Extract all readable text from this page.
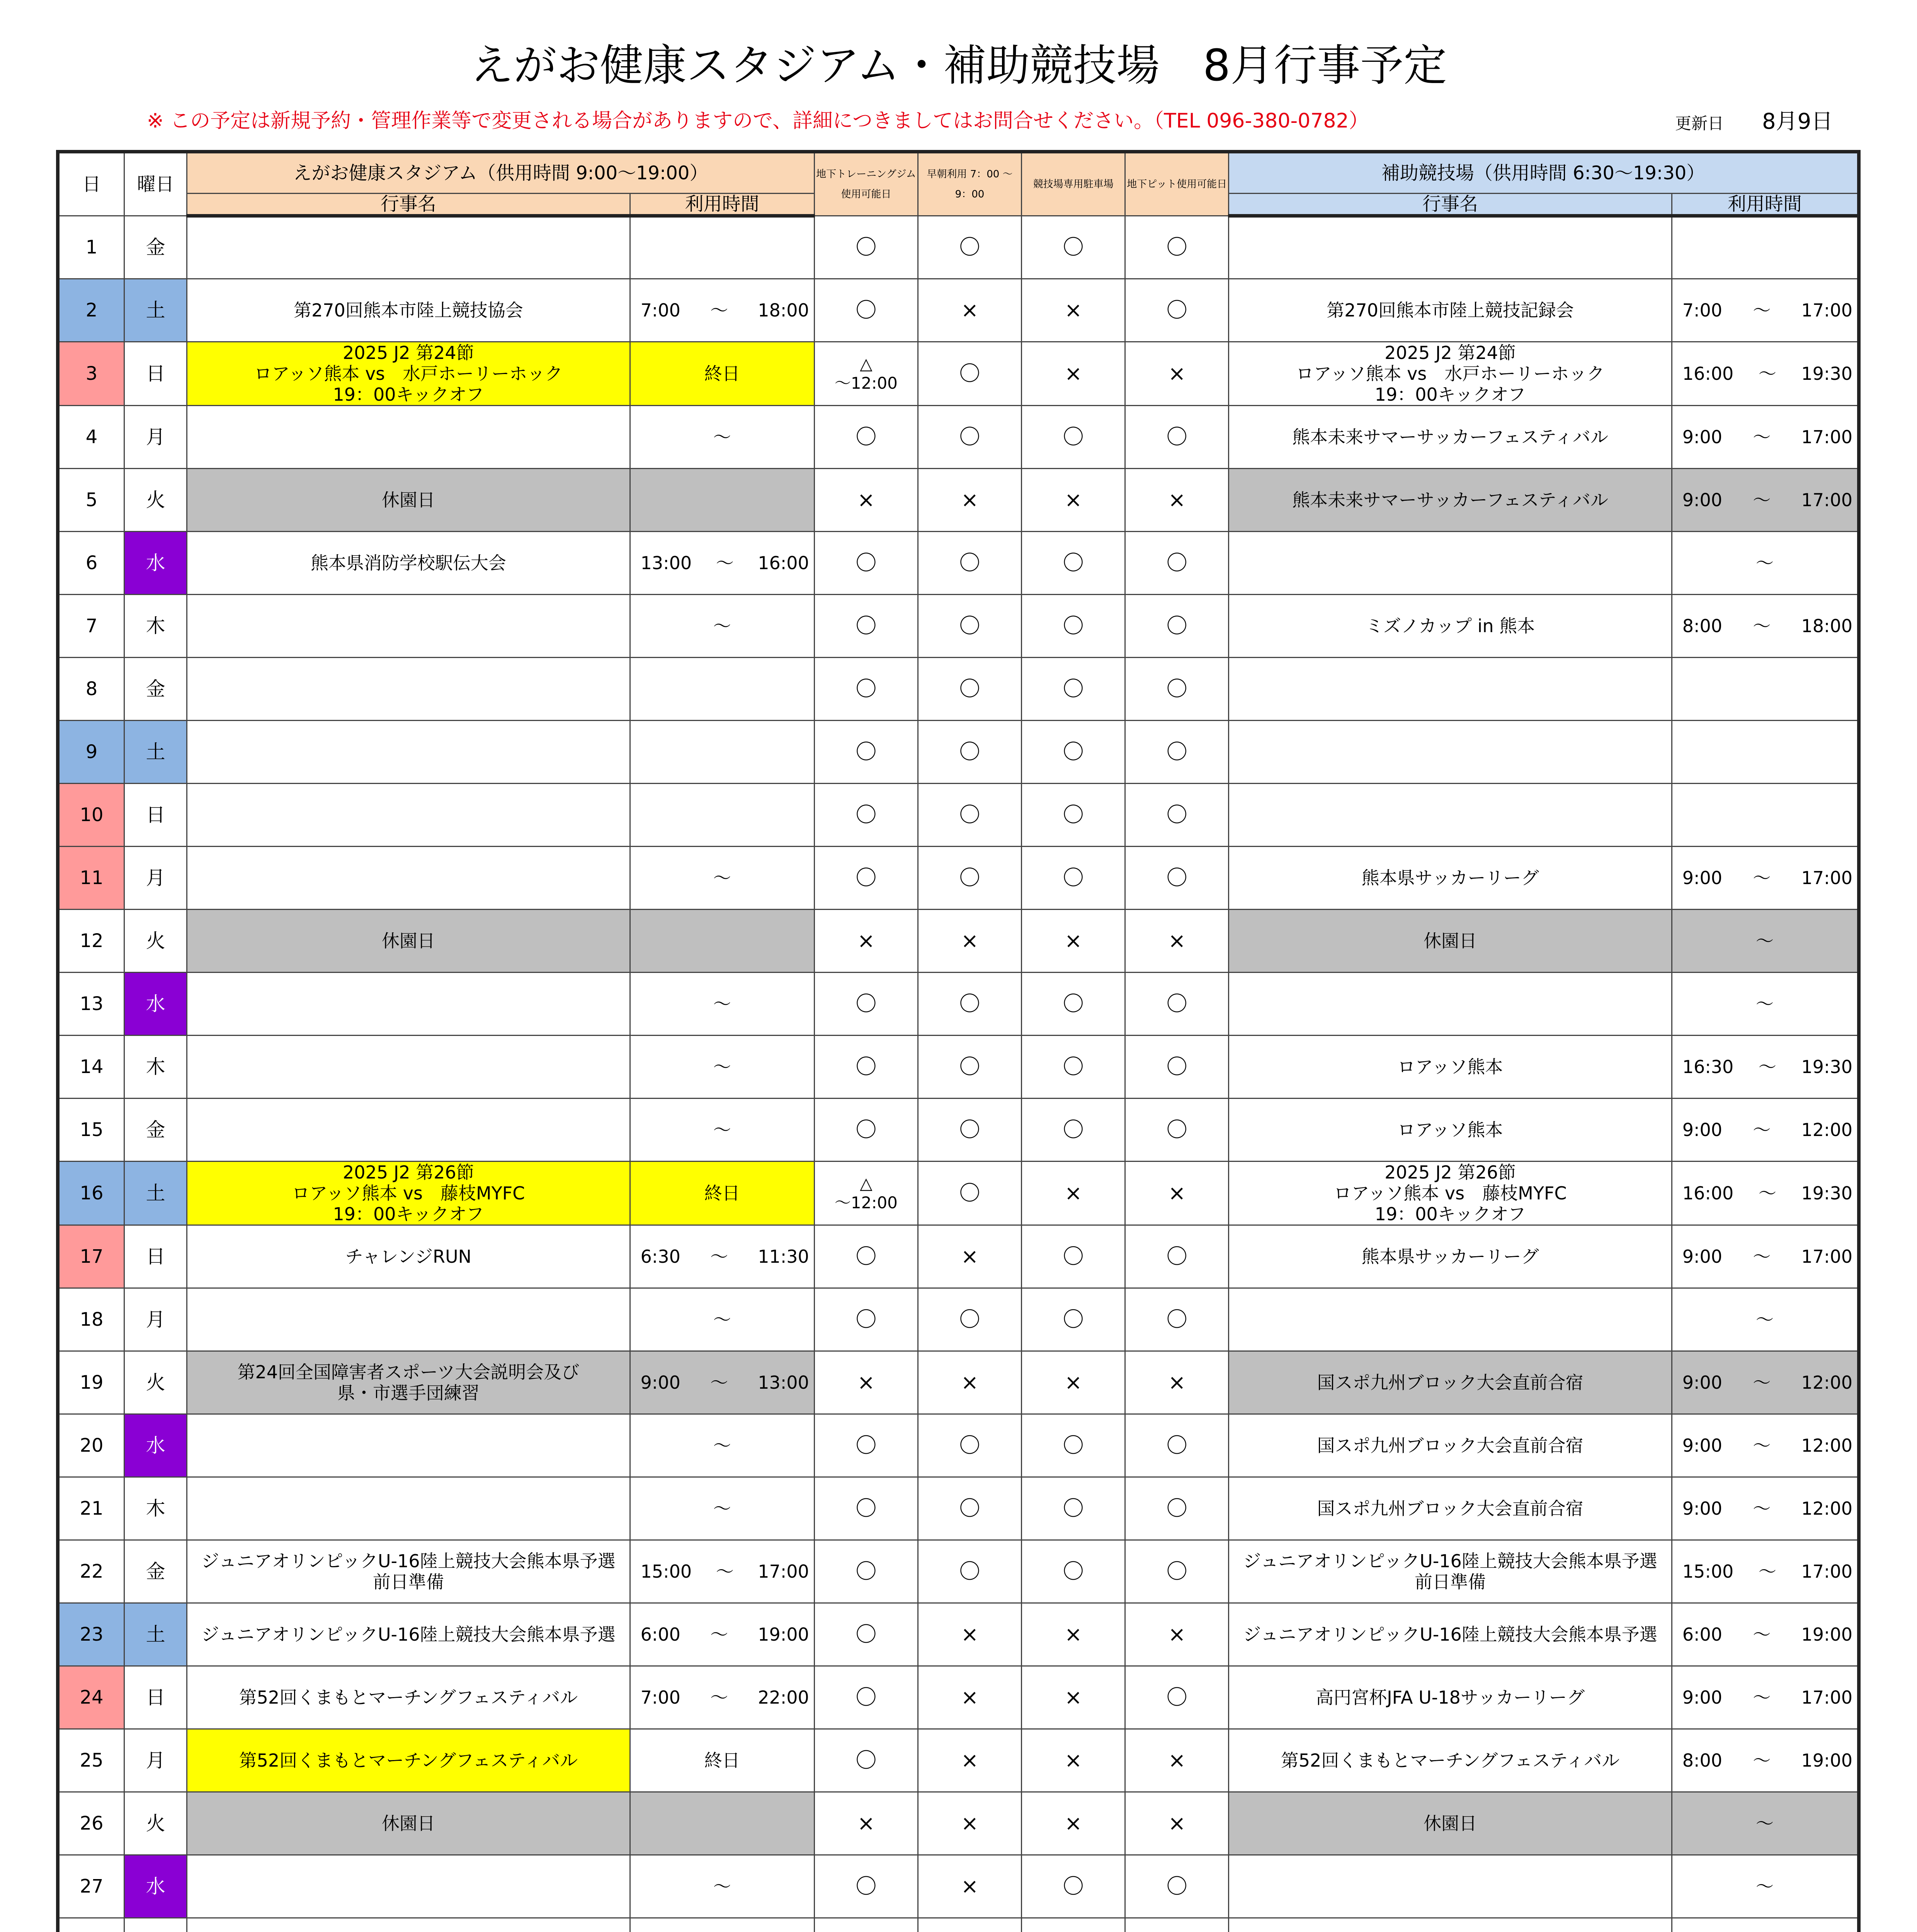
えがお健康スタジアム・補助競技場　8月行事予定
※ この予定は新規予約・管理作業等で変更される場合がありますので、詳細につきましてはお問合せください。（TEL 096-380-0782）	更新日 8月9日
日	曜日	えがお健康スタジアム（供用時間 9:00～19:00）		地下トレーニングジム使用可能日	早朝利用 7：00 ～ 9：00	競技場専用駐車場	地下ピット使用可能日	補助競技場（供用時間 6:30～19:30）	
		行事名	利用時間					行事名	利用時間
1	金			〇	〇	〇	〇		
2	土	第270回熊本市陸上競技協会	7:00 ～ 18:00	〇	×	×	〇	第270回熊本市陸上競技記録会	7:00 ～ 17:00

3	日	2025 J2 第24節
ロアッソ熊本 vs　水戸ホーリーホック
19：00キックオフ	終日	△
～12:00	〇	×	×	2025 J2 第24節
ロアッソ熊本 vs　水戸ホーリーホック
19：00キックオフ	16:00 ～ 19:30

4	月		～	〇	〇	〇	〇	熊本未来サマーサッカーフェスティバル	9:00 ～ 17:00

5	火	休園日		×	×	×	×	熊本未来サマーサッカーフェスティバル	9:00 ～ 17:00

6	水	熊本県消防学校駅伝大会	13:00 ～ 16:00	〇	〇	〇	〇		～
7	木		～	〇	〇	〇	〇	ミズノカップ in 熊本	8:00 ～ 18:00

8	金			〇	〇	〇	〇		
9	土			〇	〇	〇	〇		
10	日			〇	〇	〇	〇		
11	月		～	〇	〇	〇	〇	熊本県サッカーリーグ	9:00 ～ 17:00

12	火	休園日		×	×	×	×	休園日	～
13	水		～	〇	〇	〇	〇		～
14	木		～	〇	〇	〇	〇	ロアッソ熊本	16:30 ～ 19:30

15	金		～	〇	〇	〇	〇	ロアッソ熊本	9:00 ～ 12:00

16	土	2025 J2 第26節
ロアッソ熊本 vs　藤枝MYFC
19：00キックオフ	終日	△
～12:00	〇	×	×	2025 J2 第26節
ロアッソ熊本 vs　藤枝MYFC
19：00キックオフ	16:00 ～ 19:30

17	日	チャレンジRUN	6:30 ～ 11:30	〇	×	〇	〇	熊本県サッカーリーグ	9:00 ～ 17:00

18	月		～	〇	〇	〇	〇		～
19	火	第24回全国障害者スポーツ大会説明会及び
県・市選手団練習	9:00 ～ 13:00	×	×	×	×	国スポ九州ブロック大会直前合宿	9:00 ～ 12:00

20	水		～	〇	〇	〇	〇	国スポ九州ブロック大会直前合宿	9:00 ～ 12:00

21	木		～	〇	〇	〇	〇	国スポ九州ブロック大会直前合宿	9:00 ～ 12:00

22	金	ジュニアオリンピックU-16陸上競技大会熊本県予選
前日準備	15:00 ～ 17:00	〇	〇	〇	〇	ジュニアオリンピックU-16陸上競技大会熊本県予選
前日準備	15:00 ～ 17:00

23	土	ジュニアオリンピックU-16陸上競技大会熊本県予選	6:00 ～ 19:00	〇	×	×	×	ジュニアオリンピックU-16陸上競技大会熊本県予選	6:00 ～ 19:00

24	日	第52回くまもとマーチングフェスティバル	7:00 ～ 22:00	〇	×	×	〇	高円宮杯JFA U-18サッカーリーグ	9:00 ～ 17:00

25	月	第52回くまもとマーチングフェスティバル	終日	〇	×	×	×	第52回くまもとマーチングフェスティバル	8:00 ～ 19:00

26	火	休園日		×	×	×	×	休園日	～
27	水		～	〇	×	〇	〇		～
